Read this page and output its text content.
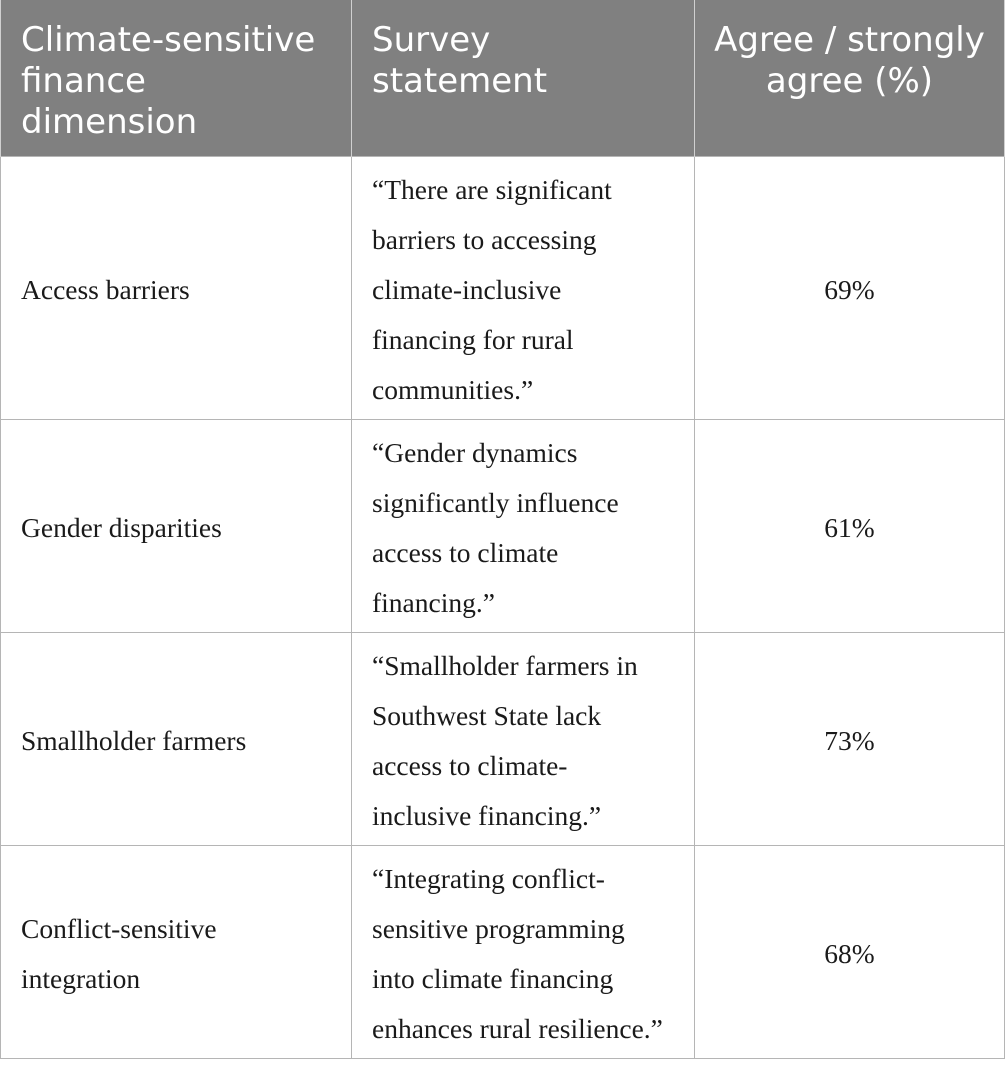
Climate-sensitive finance dimension	Survey statement	Agree / strongly agree (%)

Access barriers	“There are significant
barriers to accessing
climate-inclusive
financing for rural
communities.”	69%

Gender disparities	“Gender dynamics
significantly influence
access to climate
financing.”	61%

Smallholder farmers	“Smallholder farmers in
Southwest State lack
access to climate-
inclusive financing.”	73%

Conflict-sensitive
integration	“Integrating conflict-
sensitive programming
into climate financing
enhances rural resilience.”	68%
